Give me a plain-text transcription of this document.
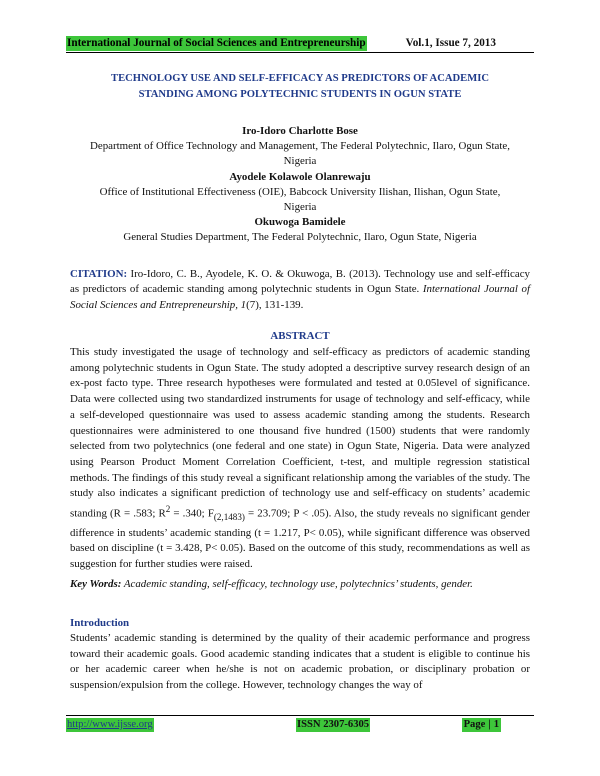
International Journal of Social Sciences and Entrepreneurship	Vol.1, Issue 7, 2013
TECHNOLOGY USE AND SELF-EFFICACY AS PREDICTORS OF ACADEMIC
STANDING AMONG POLYTECHNIC STUDENTS IN OGUN STATE
Iro-Idoro Charlotte Bose
Department of Office Technology and Management, The Federal Polytechnic, Ilaro, Ogun State,
Nigeria
Ayodele Kolawole Olanrewaju
Office of Institutional Effectiveness (OIE), Babcock University Ilishan, Ilishan, Ogun State,
Nigeria
Okuwoga Bamidele
General Studies Department, The Federal Polytechnic, Ilaro, Ogun State, Nigeria
CITATION: Iro-Idoro, C. B., Ayodele, K. O. & Okuwoga, B. (2013). Technology use and self-efficacy as predictors of academic standing among polytechnic students in Ogun State. International Journal of Social Sciences and Entrepreneurship, 1(7), 131-139.
ABSTRACT
This study investigated the usage of technology and self-efficacy as predictors of academic standing among polytechnic students in Ogun State. The study adopted a descriptive survey research design of an ex-post facto type. Three research hypotheses were formulated and tested at 0.05level of significance. Data were collected using two standardized instruments for usage of technology and self-efficacy, while a self-developed questionnaire was used to assess academic standing among the students. Research questionnaires were administered to one thousand five hundred (1500) students that were randomly selected from two polytechnics (one federal and one state) in Ogun State, Nigeria. Data were analyzed using Pearson Product Moment Correlation Coefficient, t-test, and multiple regression statistical methods. The findings of this study reveal a significant relationship among the variables of the study. The study also indicates a significant prediction of technology use and self-efficacy on students’ academic standing (R = .583; $R^2 = .340$; $F_{(2,1483)} = 23.709$; P < .05). Also, the study reveals no significant gender difference in students’ academic standing (t = 1.217, P< 0.05), while significant difference was observed based on discipline (t = 3.428, P< 0.05). Based on the outcome of this study, recommendations as well as suggestion for further studies were raised.
Key Words: Academic standing, self-efficacy, technology use, polytechnics’ students, gender.
Introduction
Students’ academic standing is determined by the quality of their academic performance and progress toward their academic goals. Good academic standing indicates that a student is eligible to continue his or her academic career when he/she is not on academic probation, or disciplinary probation or suspension/expulsion from the college. However, technology changes the way of
http://www.ijsse.org	ISSN 2307-6305	Page | 1
